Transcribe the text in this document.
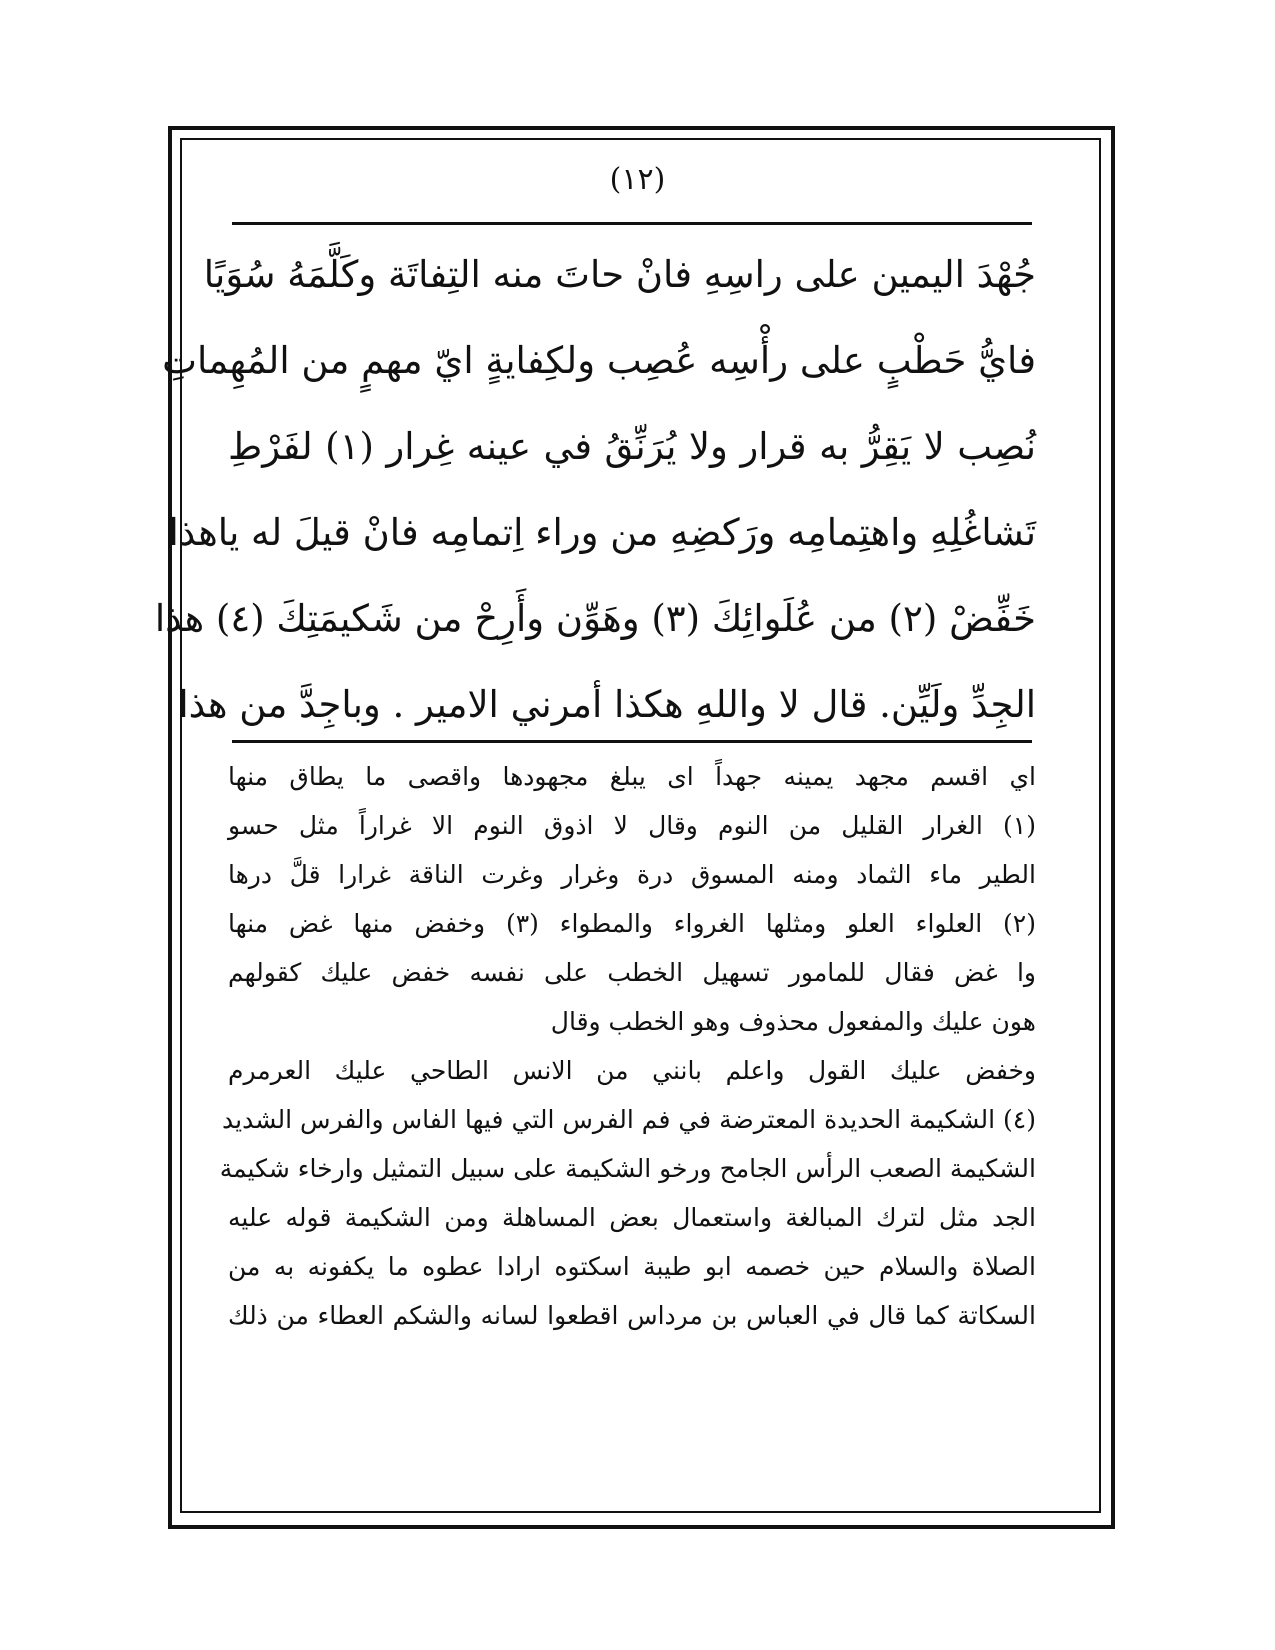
(١٢)
جُهْدَ اليمين على راسِهِ فانْ حاتَ منه التِفاتَة وكَلَّمَهُ سُوَيًا
فايُّ حَطْبٍ على رأْسِه عُصِب ولكِفايةٍ ايّ مهمٍ من المُهِماتِ
نُصِب لا يَقِرُّ به قرار ولا يُرَنِّقُ في عينه غِرار (١) لفَرْطِ
تَشاغُلِهِ واهتِمامِه ورَكضِهِ من وراء اِتمامِه فانْ قيلَ له ياهذا
خَفِّضْ (٢) من عُلَوائِكَ (٣) وهَوِّن وأَرِحْ من شَكيمَتِكَ (٤) هذا
الجِدِّ ولَيِّن. قال لا واللهِ هكذا أمرني الامير . وباجِدَّ من هذا
اي اقسم مجهد يمينه جهداً اى يبلغ مجهودها واقصى ما يطاق منها
(١) الغرار القليل من النوم وقال لا اذوق النوم الا غراراً مثل حسو
الطير ماء الثماد ومنه المسوق درة وغرار وغرت الناقة غرارا قلَّ درها
(٢) العلواء العلو ومثلها الغرواء والمطواء (٣) وخفض منها غض منها
وا غض فقال للمامور تسهيل الخطب على نفسه خفض عليك كقولهم
هون عليك والمفعول محذوف وهو الخطب وقال
وخفض عليك القول واعلم بانني من الانس الطاحي عليك العرمرم
(٤) الشكيمة الحديدة المعترضة في فم الفرس التي فيها الفاس والفرس الشديد
الشكيمة الصعب الرأس الجامح ورخو الشكيمة على سبيل التمثيل وارخاء شكيمة
الجد مثل لترك المبالغة واستعمال بعض المساهلة ومن الشكيمة قوله عليه
الصلاة والسلام حين خصمه ابو طيبة اسكتوه ارادا عطوه ما يكفونه به من
السكاتة كما قال في العباس بن مرداس اقطعوا لسانه والشكم العطاء من ذلك
